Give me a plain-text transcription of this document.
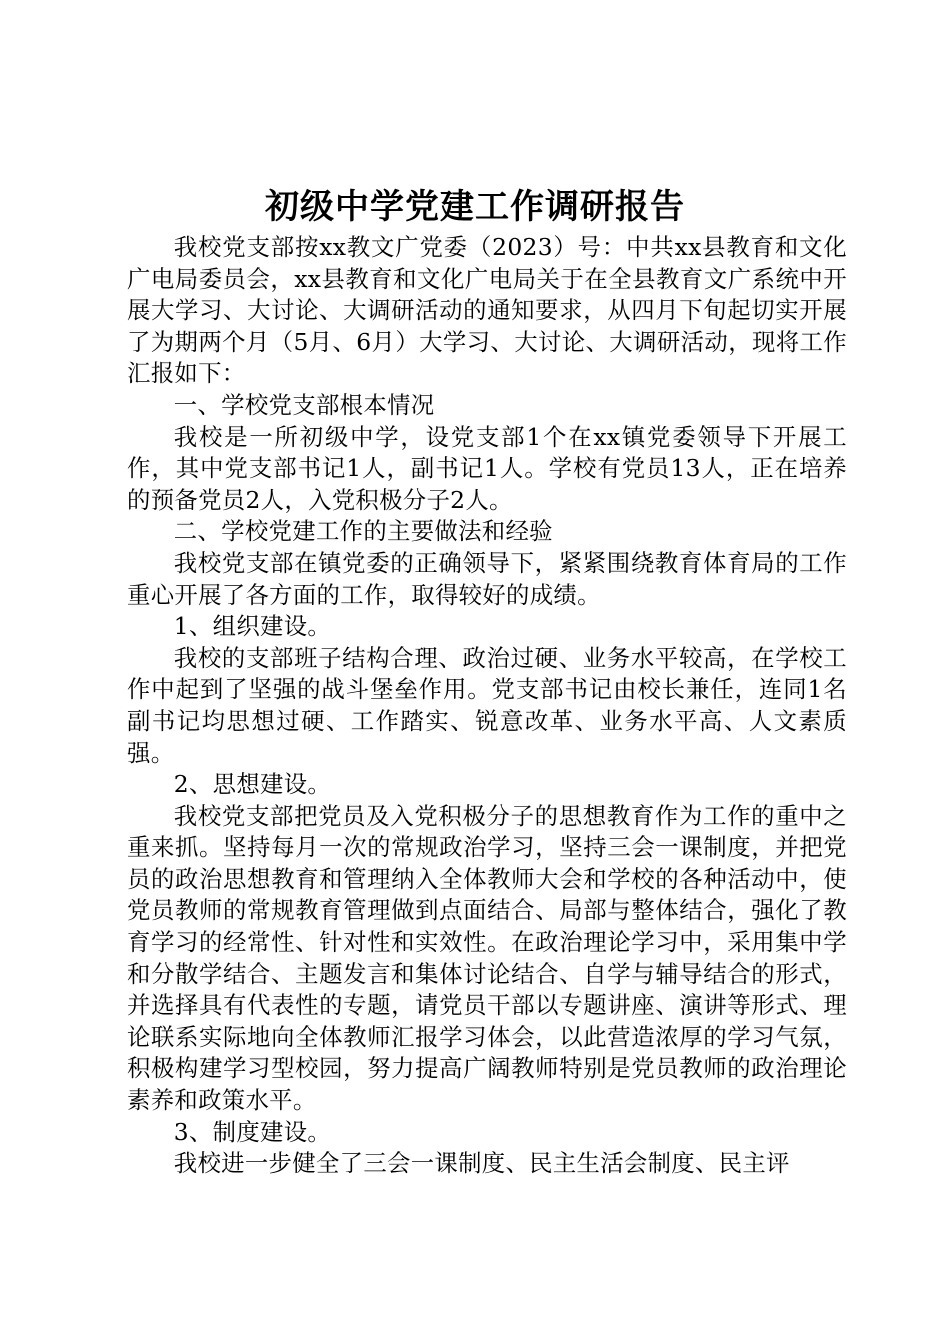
初级中学党建工作调研报告

我校党支部按xx教文广党委（2023）号：中共xx县教育和文化广电局委员会，xx县教育和文化广电局关于在全县教育文广系统中开展大学习、大讨论、大调研活动的通知要求，从四月下旬起切实开展了为期两个月（5月、6月）大学习、大讨论、大调研活动，现将工作汇报如下：

一、学校党支部根本情况

我校是一所初级中学，设党支部1个在xx镇党委领导下开展工作，其中党支部书记1人，副书记1人。学校有党员13人，正在培养的预备党员2人，入党积极分子2人。

二、学校党建工作的主要做法和经验

我校党支部在镇党委的正确领导下，紧紧围绕教育体育局的工作重心开展了各方面的工作，取得较好的成绩。

1、组织建设。

我校的支部班子结构合理、政治过硬、业务水平较高，在学校工作中起到了坚强的战斗堡垒作用。党支部书记由校长兼任，连同1名副书记均思想过硬、工作踏实、锐意改革、业务水平高、人文素质强。

2、思想建设。

我校党支部把党员及入党积极分子的思想教育作为工作的重中之重来抓。坚持每月一次的常规政治学习，坚持三会一课制度，并把党员的政治思想教育和管理纳入全体教师大会和学校的各种活动中，使党员教师的常规教育管理做到点面结合、局部与整体结合，强化了教育学习的经常性、针对性和实效性。在政治理论学习中，采用集中学和分散学结合、主题发言和集体讨论结合、自学与辅导结合的形式，并选择具有代表性的专题，请党员干部以专题讲座、演讲等形式、理论联系实际地向全体教师汇报学习体会，以此营造浓厚的学习气氛，积极构建学习型校园，努力提高广阔教师特别是党员教师的政治理论素养和政策水平。

3、制度建设。

我校进一步健全了三会一课制度、民主生活会制度、民主评
